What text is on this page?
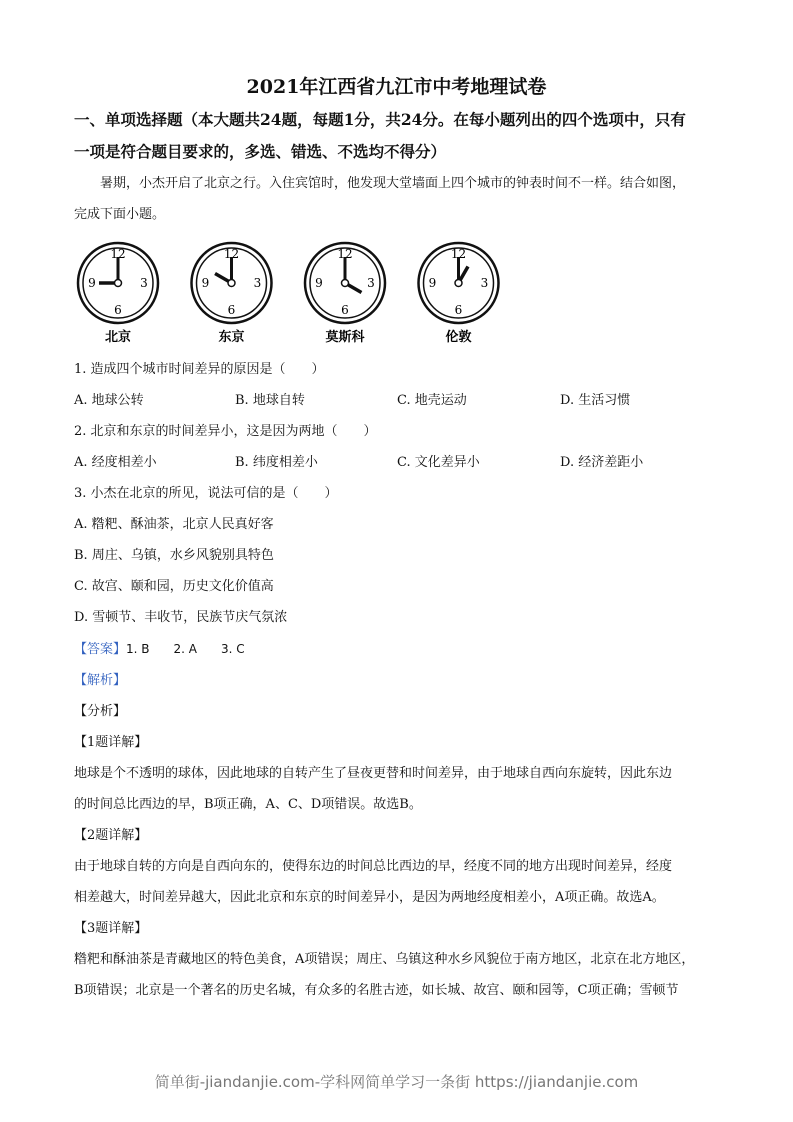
2021年江西省九江市中考地理试卷
一、单项选择题（本大题共24题，每题1分，共24分。在每小题列出的四个选项中，只有
一项是符合题目要求的，多选、错选、不选均不得分）
暑期，小杰开启了北京之行。入住宾馆时，他发现大堂墙面上四个城市的钟表时间不一样。结合如图，
完成下面小题。
12
3
6
9
北京
12
3
6
9
东京
12
3
6
9
莫斯科
12
3
6
9
伦敦
【答案】1. B　　2. A　　3. C
【解析】
【分析】
简单街-jiandanjie.com-学科网简单学习一条街 https://jiandanjie.com
1. 造成四个城市时间差异的原因是（　　）
A. 地球公转	B. 地球自转	C. 地壳运动	D. 生活习惯
2. 北京和东京的时间差异小，这是因为两地（　　）
A. 经度相差小	B. 纬度相差小	C. 文化差异小	D. 经济差距小
3. 小杰在北京的所见，说法可信的是（　　）
A. 糌粑、酥油茶，北京人民真好客
B. 周庄、乌镇，水乡风貌别具特色
C. 故宫、颐和园，历史文化价值高
D. 雪顿节、丰收节，民族节庆气氛浓
【1题详解】
地球是个不透明的球体，因此地球的自转产生了昼夜更替和时间差异，由于地球自西向东旋转，因此东边
的时间总比西边的早，B项正确，A、C、D项错误。故选B。
【2题详解】
由于地球自转的方向是自西向东的，使得东边的时间总比西边的早，经度不同的地方出现时间差异，经度
相差越大，时间差异越大，因此北京和东京的时间差异小，是因为两地经度相差小，A项正确。故选A。
【3题详解】
糌粑和酥油茶是青藏地区的特色美食，A项错误；周庄、乌镇这种水乡风貌位于南方地区，北京在北方地区，
B项错误；北京是一个著名的历史名城，有众多的名胜古迹，如长城、故宫、颐和园等，C项正确；雪顿节
